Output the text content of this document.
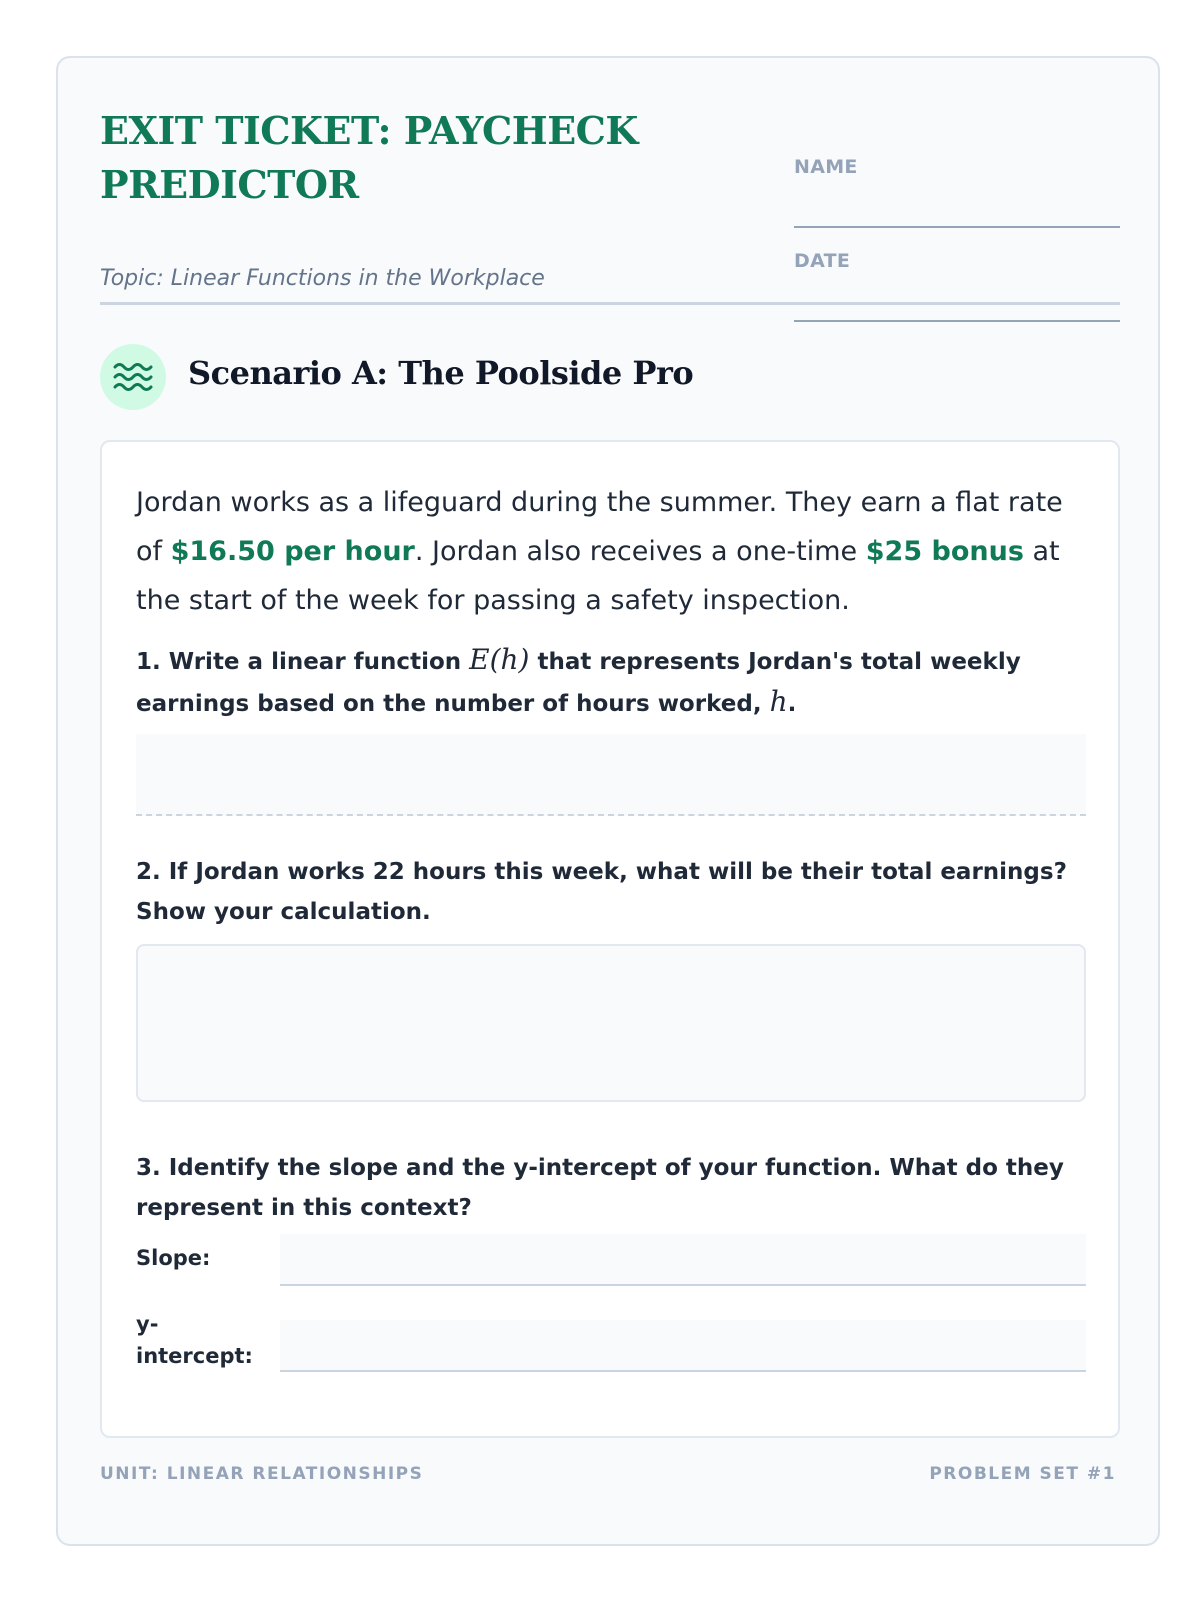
EXIT TICKET: PAYCHECK PREDICTOR
Topic: Linear Functions in the Workplace
NAME
DATE
Scenario A: The Poolside Pro

Jordan works as a lifeguard during the summer. They earn a flat rate of $16.50 per hour. Jordan also receives a one-time $25 bonus at the start of the week for passing a safety inspection.

1. Write a linear function E(h) that represents Jordan's total weekly earnings based on the number of hours worked, h.

2. If Jordan works 22 hours this week, what will be their total earnings? Show your calculation.

3. Identify the slope and the y-intercept of your function. What do they represent in this context?

Slope:
y-intercept:
UNIT: LINEAR RELATIONSHIPS	PROBLEM SET #1
